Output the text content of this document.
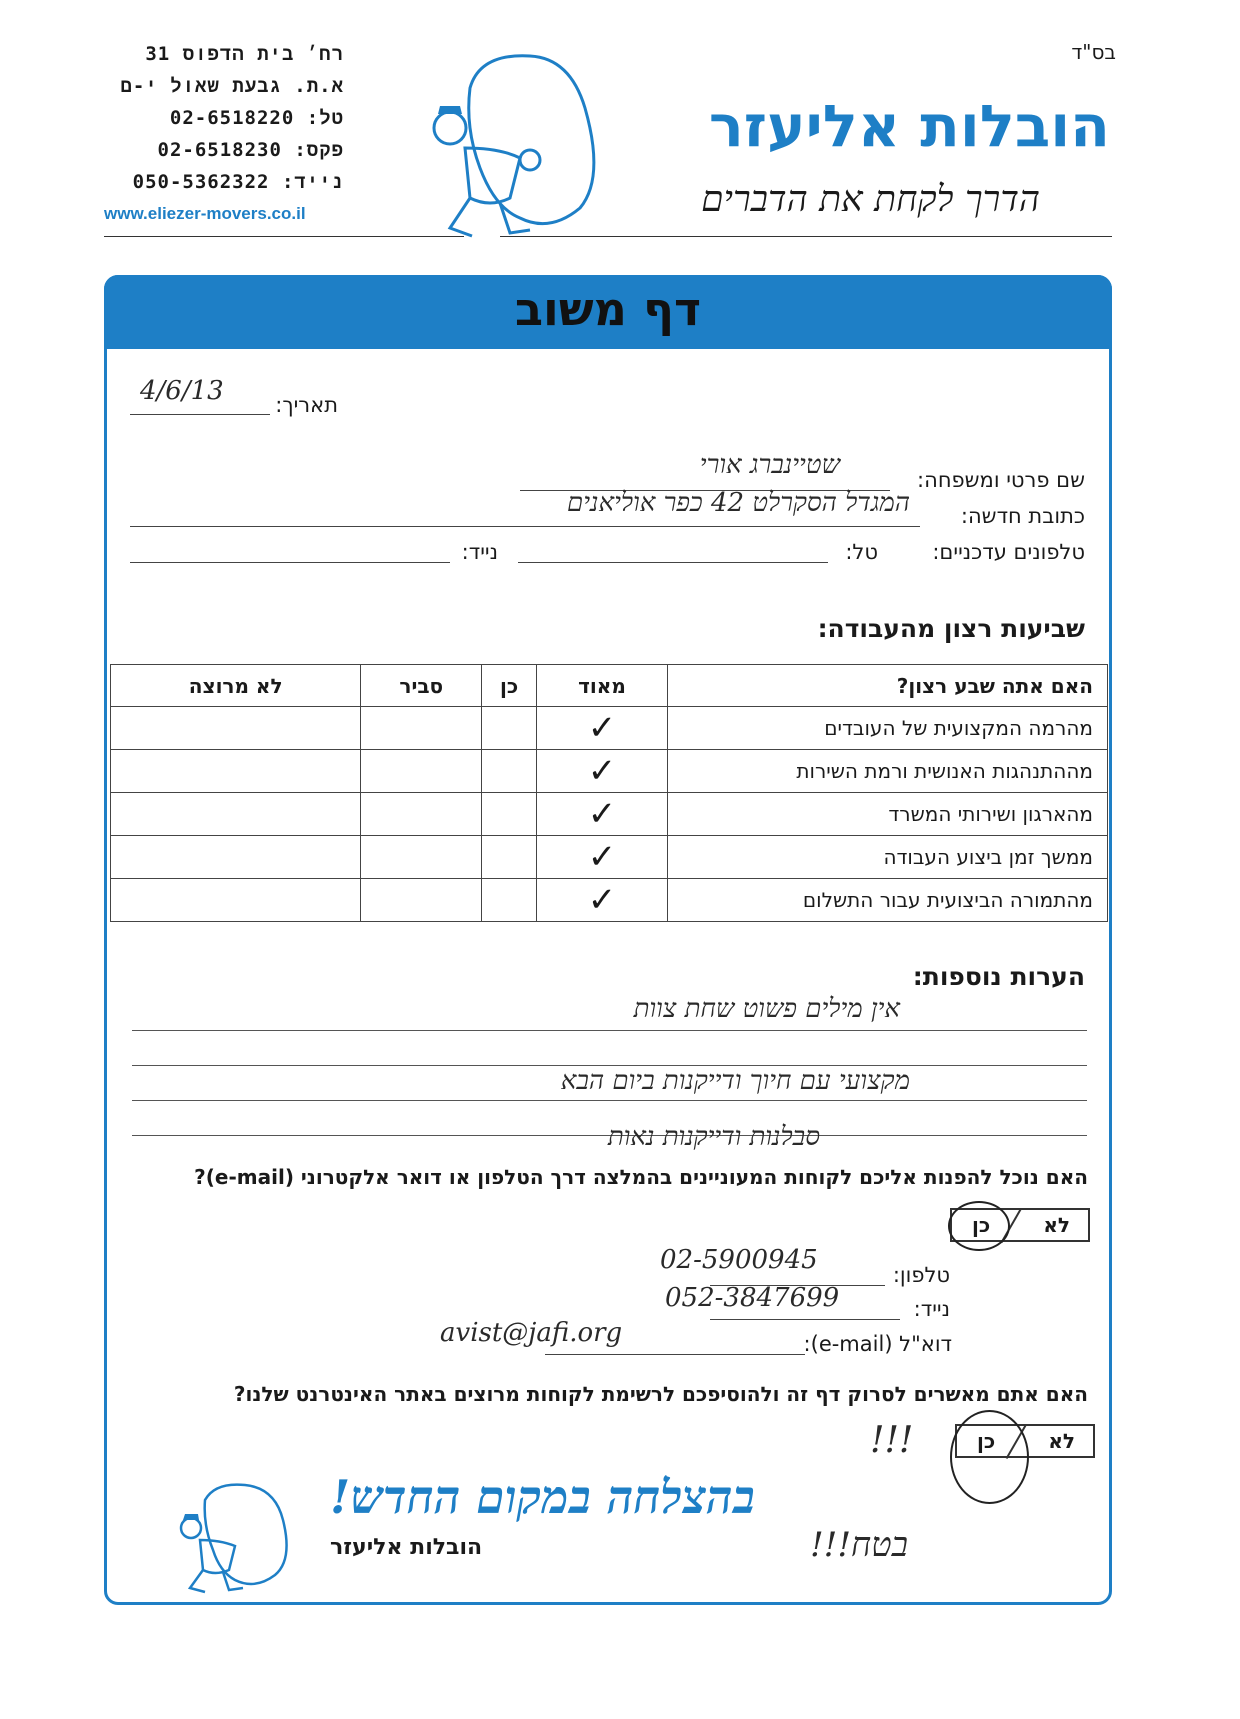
בס"ד
רח׳ בית הדפוס 31
א.ת. גבעת שאול י-ם
טל: 02-6518220
פקס: 02-6518230
נייד: 050-5362322
www.eliezer-movers.co.il
הובלות אליעזר
הדרך לקחת את הדברים
דף משוב
תאריך:
4/6/13
שם פרטי ומשפחה:
שטיינברג אורי
כתובת חדשה:
המגדל הסקרלט 42 כפר אוליאנים
טלפונים עדכניים:
טל:
נייד:
שביעות רצון מהעבודה:
האם אתה שבע רצון?	מאוד	כן	סביר	לא מרוצה
מהרמה המקצועית של העובדים	✓			
מההתנהגות האנושית ורמת השירות	✓			
מהארגון ושירותי המשרד	✓			
ממשך זמן ביצוע העבודה	✓			
מהתמורה הביצועית עבור התשלום	✓			
הערות נוספות:
אין מילים פשוט שחת צוות
מקצועי עם חיוך ודייקנות ביום הבא
סבלנות ודייקנות נאות
האם נוכל להפנות אליכם לקוחות המעוניינים בהמלצה דרך הטלפון או דואר אלקטרוני (e-mail)?
כן	לא
טלפון:
02-5900945
נייד:
052-3847699
דוא"ל (e-mail):
avist@jafi.org
האם אתם מאשרים לסרוק דף זה ולהוסיפכם לרשימת לקוחות מרוצים באתר האינטרנט שלנו?
כן	לא
!!!
בטח!!!
בהצלחה במקום החדש!
הובלות אליעזר
